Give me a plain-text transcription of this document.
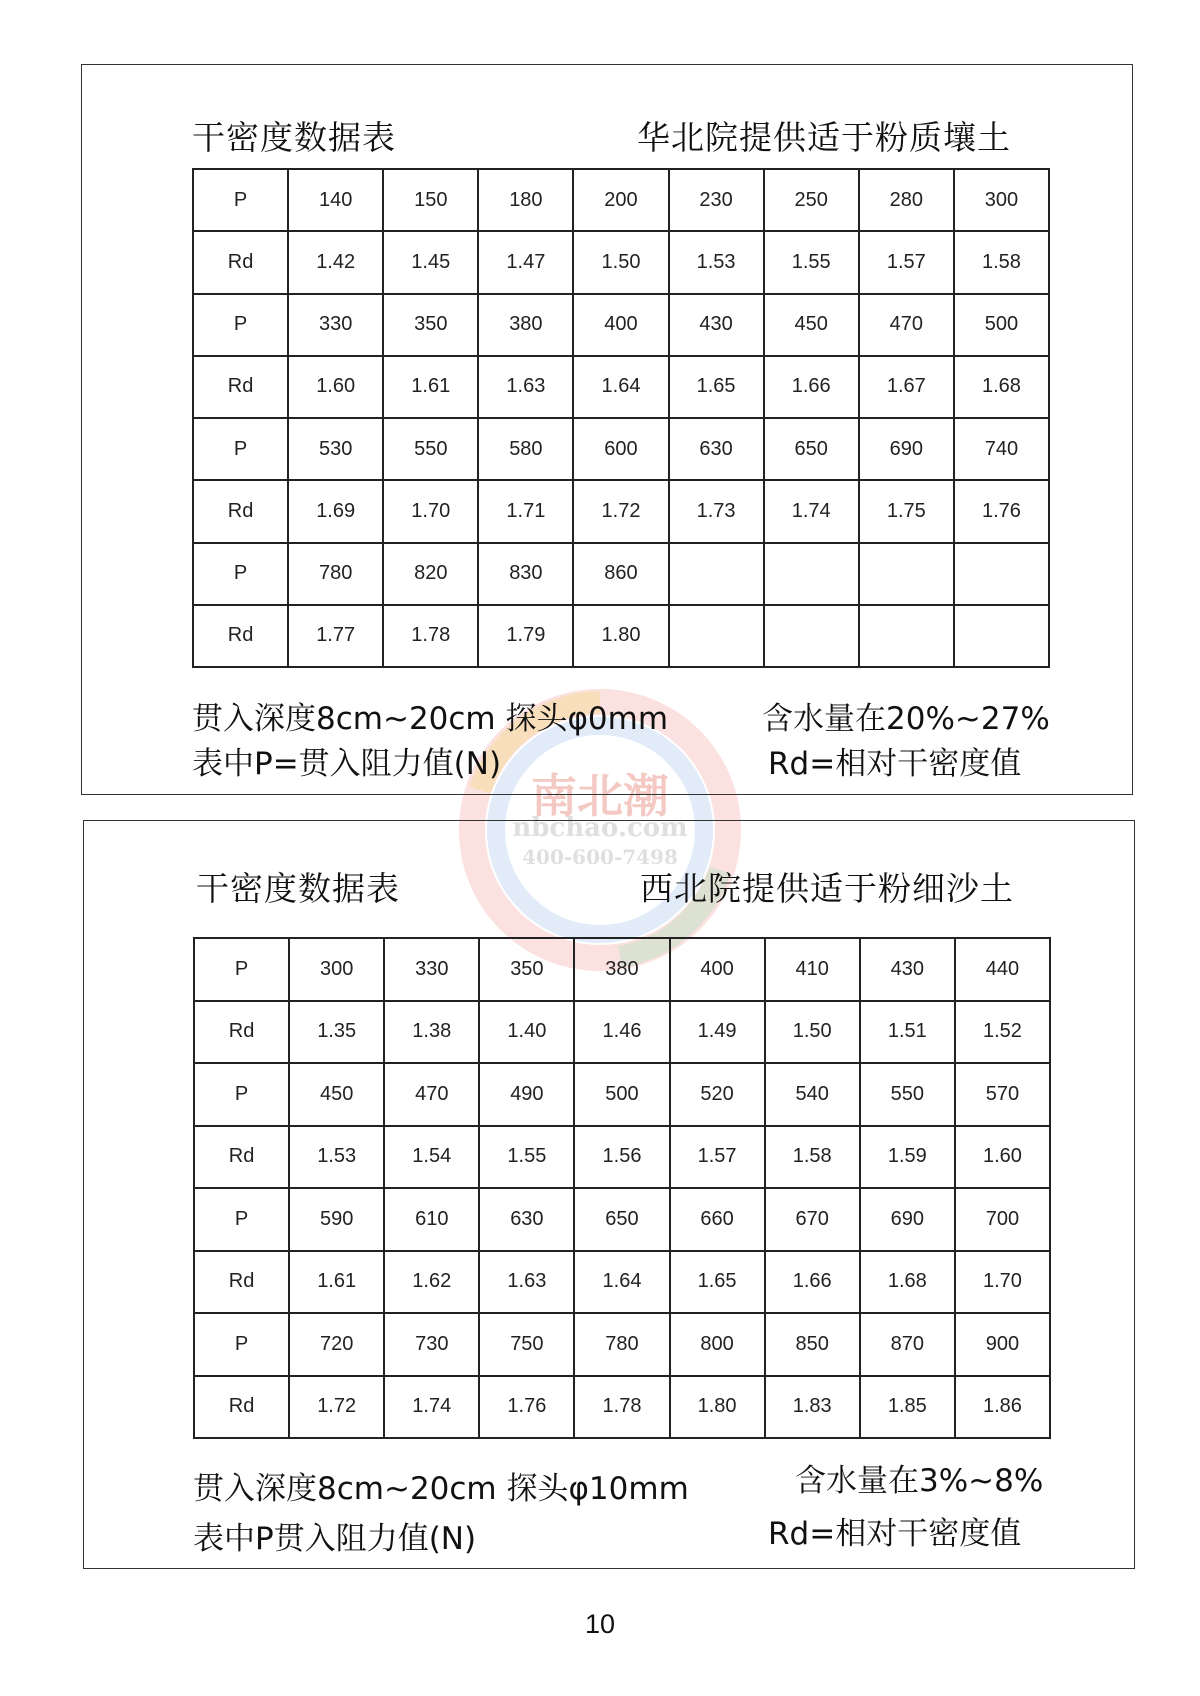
南北潮
nbchao.com
400-600-7498
干密度数据表	华北院提供适于粉质壤土
P	140	150	180	200	230	250	280	300
Rd	1.42	1.45	1.47	1.50	1.53	1.55	1.57	1.58
P	330	350	380	400	430	450	470	500
Rd	1.60	1.61	1.63	1.64	1.65	1.66	1.67	1.68
P	530	550	580	600	630	650	690	740
Rd	1.69	1.70	1.71	1.72	1.73	1.74	1.75	1.76
P	780	820	830	860				
Rd	1.77	1.78	1.79	1.80				
贯入深度8cm~20cm 探头φ0mm	含水量在20%~27%
表中P=贯入阻力值(N)	Rd=相对干密度值
干密度数据表	西北院提供适于粉细沙土
P	300	330	350	380	400	410	430	440
Rd	1.35	1.38	1.40	1.46	1.49	1.50	1.51	1.52
P	450	470	490	500	520	540	550	570
Rd	1.53	1.54	1.55	1.56	1.57	1.58	1.59	1.60
P	590	610	630	650	660	670	690	700
Rd	1.61	1.62	1.63	1.64	1.65	1.66	1.68	1.70
P	720	730	750	780	800	850	870	900
Rd	1.72	1.74	1.76	1.78	1.80	1.83	1.85	1.86
贯入深度8cm~20cm 探头φ10mm	含水量在3%~8%
表中P贯入阻力值(N)	Rd=相对干密度值
10
